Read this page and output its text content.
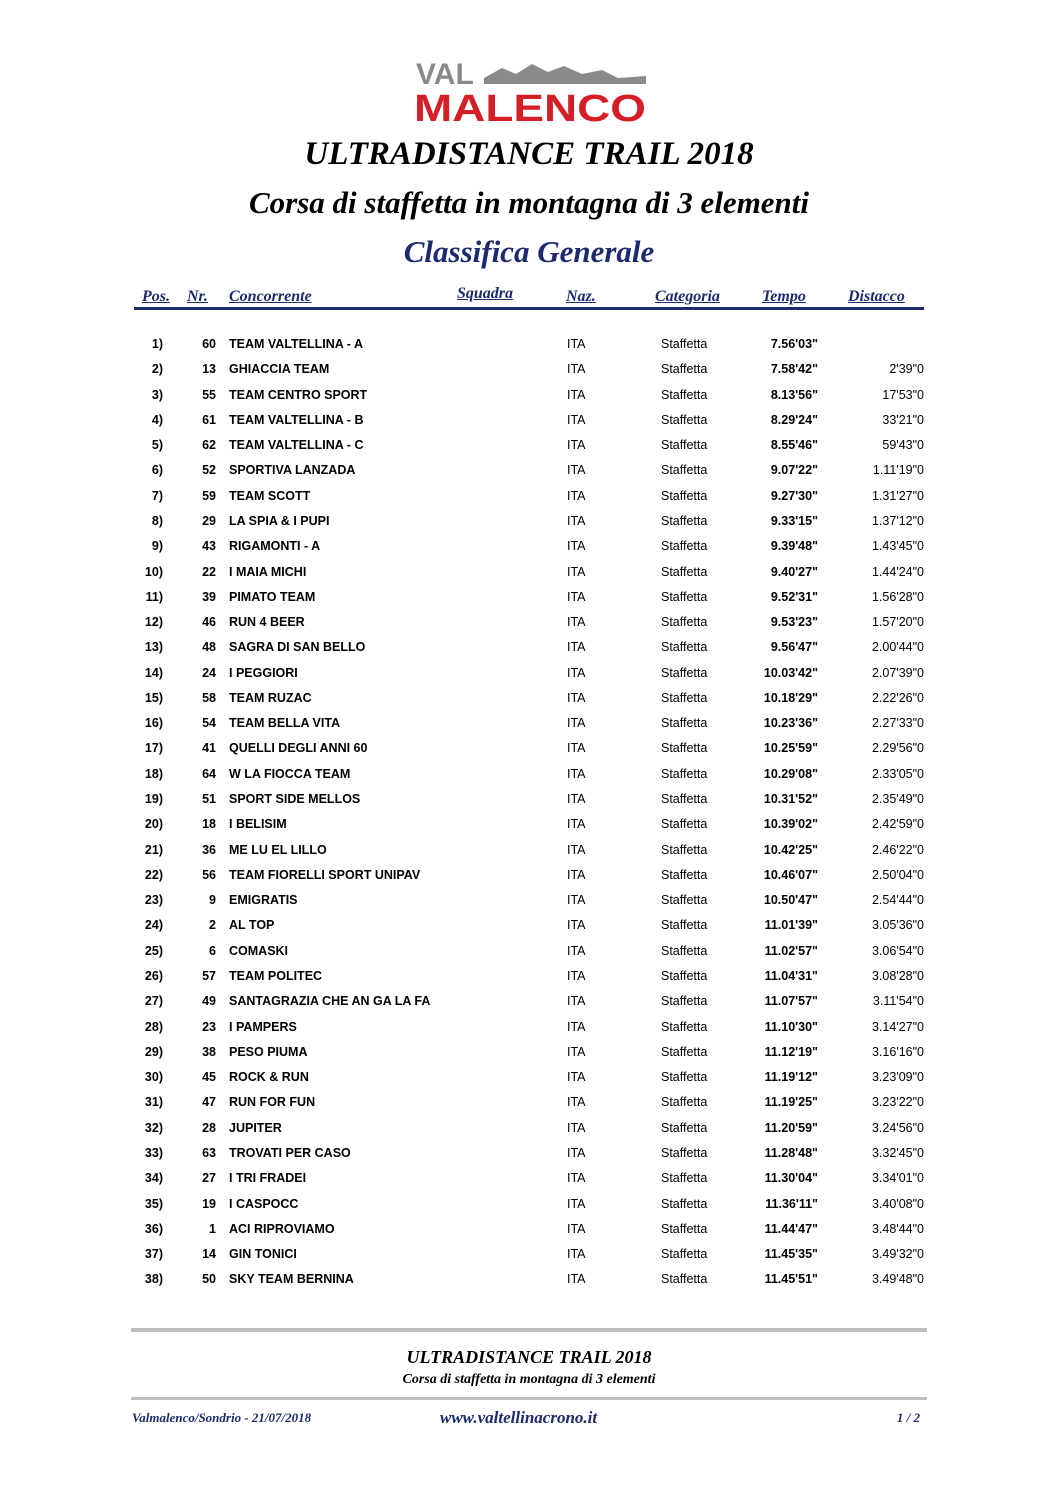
VAL
MALENCO
ULTRADISTANCE TRAIL 2018
Corsa di staffetta in montagna di 3 elementi
Classifica Generale
Pos. Nr. Concorrente	Squadra	Naz.	Categoria	Tempo	Distacco
1)	60 TEAM VALTELLINA - A	ITA	Staffetta	7.56'03"
2)	13 GHIACCIA TEAM	ITA	Staffetta	7.58'42"	2'39"0
3)	55 TEAM CENTRO SPORT	ITA	Staffetta	8.13'56"	17'53"0
4)	61 TEAM VALTELLINA - B	ITA	Staffetta	8.29'24"	33'21"0
5)	62 TEAM VALTELLINA - C	ITA	Staffetta	8.55'46"	59'43"0
6)	52 SPORTIVA LANZADA	ITA	Staffetta	9.07'22"	1.11'19"0
7)	59 TEAM SCOTT	ITA	Staffetta	9.27'30"	1.31'27"0
8)	29 LA SPIA & I PUPI	ITA	Staffetta	9.33'15"	1.37'12"0
9)	43 RIGAMONTI - A	ITA	Staffetta	9.39'48"	1.43'45"0
10)	22 I MAIA MICHI	ITA	Staffetta	9.40'27"	1.44'24"0
11)	39 PIMATO TEAM	ITA	Staffetta	9.52'31"	1.56'28"0
12)	46 RUN 4 BEER	ITA	Staffetta	9.53'23"	1.57'20"0
13)	48 SAGRA DI SAN BELLO	ITA	Staffetta	9.56'47"	2.00'44"0
14)	24 I PEGGIORI	ITA	Staffetta	10.03'42"	2.07'39"0
15)	58 TEAM RUZAC	ITA	Staffetta	10.18'29"	2.22'26"0
16)	54 TEAM BELLA VITA	ITA	Staffetta	10.23'36"	2.27'33"0
17)	41 QUELLI DEGLI ANNI 60	ITA	Staffetta	10.25'59"	2.29'56"0
18)	64 W LA FIOCCA TEAM	ITA	Staffetta	10.29'08"	2.33'05"0
19)	51 SPORT SIDE MELLOS	ITA	Staffetta	10.31'52"	2.35'49"0
20)	18 I BELISIM	ITA	Staffetta	10.39'02"	2.42'59"0
21)	36 ME LU EL LILLO	ITA	Staffetta	10.42'25"	2.46'22"0
22)	56 TEAM FIORELLI SPORT UNIPAV	ITA	Staffetta	10.46'07"	2.50'04"0
23)	9 EMIGRATIS	ITA	Staffetta	10.50'47"	2.54'44"0
24)	2 AL TOP	ITA	Staffetta	11.01'39"	3.05'36"0
25)	6 COMASKI	ITA	Staffetta	11.02'57"	3.06'54"0
26)	57 TEAM POLITEC	ITA	Staffetta	11.04'31"	3.08'28"0
27)	49 SANTAGRAZIA CHE AN GA LA FA	ITA	Staffetta	11.07'57"	3.11'54"0
28)	23 I PAMPERS	ITA	Staffetta	11.10'30"	3.14'27"0
29)	38 PESO PIUMA	ITA	Staffetta	11.12'19"	3.16'16"0
30)	45 ROCK & RUN	ITA	Staffetta	11.19'12"	3.23'09"0
31)	47 RUN FOR FUN	ITA	Staffetta	11.19'25"	3.23'22"0
32)	28 JUPITER	ITA	Staffetta	11.20'59"	3.24'56"0
33)	63 TROVATI PER CASO	ITA	Staffetta	11.28'48"	3.32'45"0
34)	27 I TRI FRADEI	ITA	Staffetta	11.30'04"	3.34'01"0
35)	19 I CASPOCC	ITA	Staffetta	11.36'11"	3.40'08"0
36)	1 ACI RIPROVIAMO	ITA	Staffetta	11.44'47"	3.48'44"0
37)	14 GIN TONICI	ITA	Staffetta	11.45'35"	3.49'32"0
38)	50 SKY TEAM BERNINA	ITA	Staffetta	11.45'51"	3.49'48"0
ULTRADISTANCE TRAIL 2018
Corsa di staffetta in montagna di 3 elementi
Valmalenco/Sondrio - 21/07/2018	www.valtellinacrono.it	1 / 2
